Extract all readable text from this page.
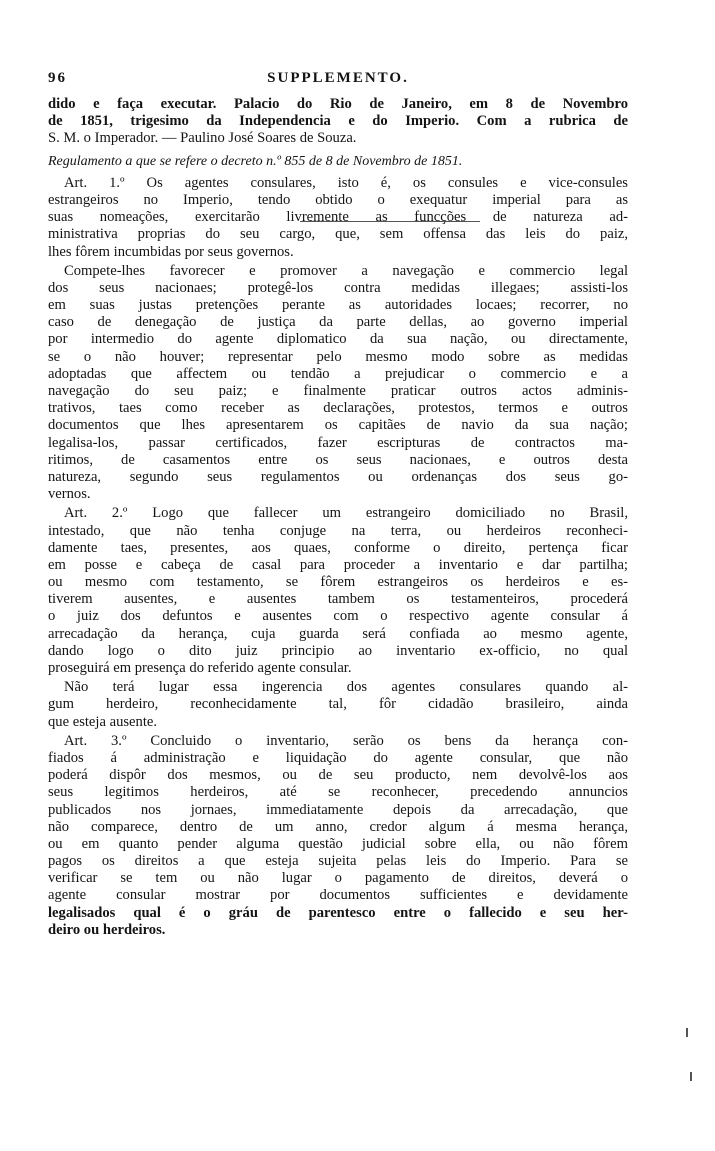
96	SUPPLEMENTO.
dido e faça executar. Palacio do Rio de Janeiro, em 8 de Novembro
de 1851, trigesimo da Independencia e do Imperio. Com a rubrica de
S. M. o Imperador. — Paulino José Soares de Souza.
Regulamento a que se refere o decreto n.º 855 de 8 de Novembro de 1851.
Art. 1.º Os agentes consulares, isto é, os consules e vice-consules
estrangeiros no Imperio, tendo obtido o exequatur imperial para as
suas nomeações, exercitarão livremente as funcções de natureza ad-
ministrativa proprias do seu cargo, que, sem offensa das leis do paiz,
lhes fôrem incumbidas por seus governos.
Compete-lhes favorecer e promover a navegação e commercio legal
dos seus nacionaes; protegê-los contra medidas illegaes; assisti-los
em suas justas pretenções perante as autoridades locaes; recorrer, no
caso de denegação de justiça da parte dellas, ao governo imperial
por intermedio do agente diplomatico da sua nação, ou directamente,
se o não houver; representar pelo mesmo modo sobre as medidas
adoptadas que affectem ou tendão a prejudicar o commercio e a
navegação do seu paiz; e finalmente praticar outros actos adminis-
trativos, taes como receber as declarações, protestos, termos e outros
documentos que lhes apresentarem os capitães de navio da sua nação;
legalisa-los, passar certificados, fazer escripturas de contractos ma-
ritimos, de casamentos entre os seus nacionaes, e outros desta
natureza, segundo seus regulamentos ou ordenanças dos seus go-
vernos.
Art. 2.º Logo que fallecer um estrangeiro domiciliado no Brasil,
intestado, que não tenha conjuge na terra, ou herdeiros reconheci-
damente taes, presentes, aos quaes, conforme o direito, pertença ficar
em posse e cabeça de casal para proceder a inventario e dar partilha;
ou mesmo com testamento, se fôrem estrangeiros os herdeiros e es-
tiverem ausentes, e ausentes tambem os testamenteiros, procederá
o juiz dos defuntos e ausentes com o respectivo agente consular á
arrecadação da herança, cuja guarda será confiada ao mesmo agente,
dando logo o dito juiz principio ao inventario ex-officio, no qual
proseguirá em presença do referido agente consular.
Não terá lugar essa ingerencia dos agentes consulares quando al-
gum herdeiro, reconhecidamente tal, fôr cidadão brasileiro, ainda
que esteja ausente.
Art. 3.º Concluido o inventario, serão os bens da herança con-
fiados á administração e liquidação do agente consular, que não
poderá dispôr dos mesmos, ou de seu producto, nem devolvê-los aos
seus legitimos herdeiros, até se reconhecer, precedendo annuncios
publicados nos jornaes, immediatamente depois da arrecadação, que
não comparece, dentro de um anno, credor algum á mesma herança,
ou em quanto pender alguma questão judicial sobre ella, ou não fôrem
pagos os direitos a que esteja sujeita pelas leis do Imperio. Para se
verificar se tem ou não lugar o pagamento de direitos, deverá o
agente consular mostrar por documentos sufficientes e devidamente
legalisados qual é o gráu de parentesco entre o fallecido e seu her-
deiro ou herdeiros.
